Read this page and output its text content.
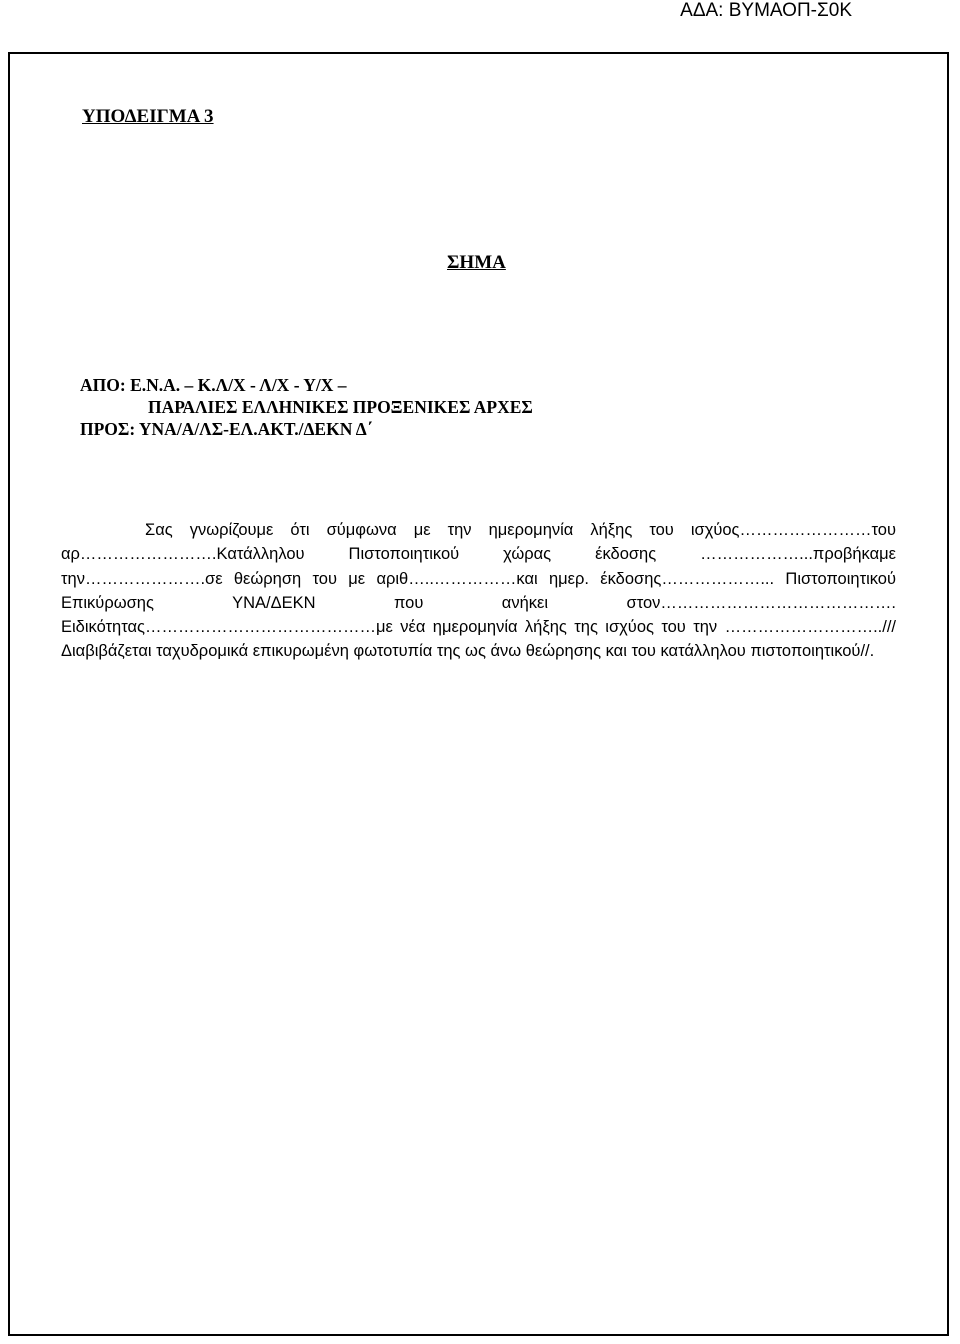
ΑΔΑ: ΒΥΜΑΟΠ-Σ0Κ
ΥΠΟΔΕΙΓΜΑ 3
ΣΗΜΑ
ΑΠΟ: Ε.Ν.Α. – Κ.Λ/Χ - Λ/Χ - Υ/Χ –
ΠΑΡΑΛΙΕΣ ΕΛΛΗΝΙΚΕΣ ΠΡΟΞΕΝΙΚΕΣ ΑΡΧΕΣ
ΠΡΟΣ: ΥΝΑ/Α/ΛΣ-ΕΛ.ΑΚΤ./ΔΕΚΝ Δ΄

Σας γνωρίζουμε ότι σύμφωνα με την ημερομηνία λήξης του ισχύος……………………του αρ…………………….Κατάλληλου Πιστοποιητικού χώρας έκδοσης ………………...προβήκαμε την………………….σε θεώρηση του με αριθ…..……………και ημερ. έκδοσης………………... Πιστοποιητικού Επικύρωσης ΥΝΑ/ΔΕΚΝ που ανήκει στον……………………………………. Ειδικότητας……………………………………με νέα ημερομηνία λήξης της ισχύος του την ………………………..///Διαβιβάζεται ταχυδρομικά επικυρωμένη φωτοτυπία της ως άνω θεώρησης και του κατάλληλου πιστοποιητικού//.
